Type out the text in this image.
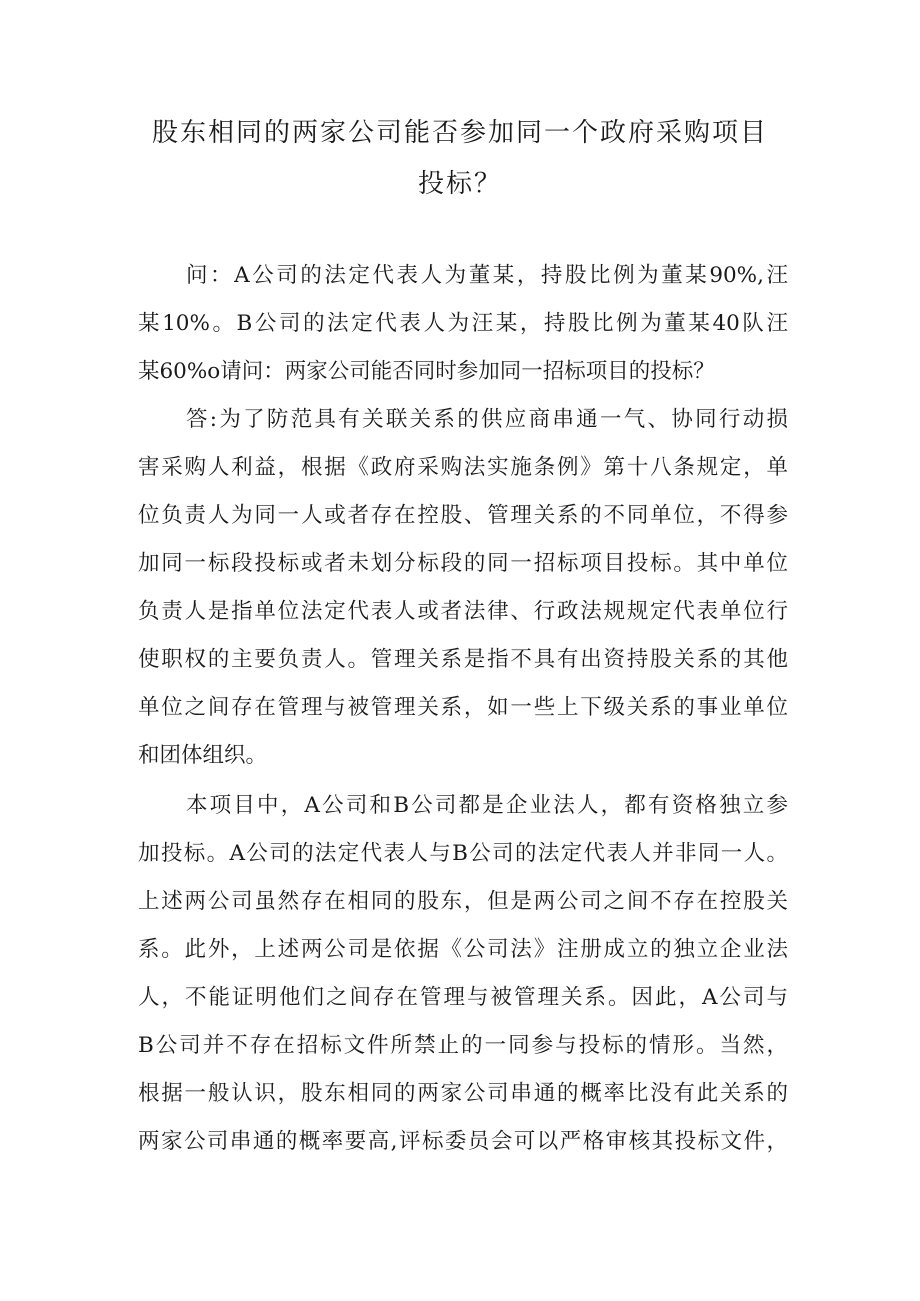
股东相同的两家公司能否参加同一个政府采购项目
投标？

问：A公司的法定代表人为董某，持股比例为董某90%,汪

某10%。B公司的法定代表人为汪某，持股比例为董某40队汪

某60%o请问：两家公司能否同时参加同一招标项目的投标？

答:为了防范具有关联关系的供应商串通一气、协同行动损

害采购人利益，根据《政府采购法实施条例》第十八条规定，单

位负责人为同一人或者存在控股、管理关系的不同单位，不得参

加同一标段投标或者未划分标段的同一招标项目投标。其中单位

负责人是指单位法定代表人或者法律、行政法规规定代表单位行

使职权的主要负责人。管理关系是指不具有出资持股关系的其他

单位之间存在管理与被管理关系，如一些上下级关系的事业单位

和团体组织。

本项目中，A公司和B公司都是企业法人，都有资格独立参

加投标。A公司的法定代表人与B公司的法定代表人并非同一人。

上述两公司虽然存在相同的股东，但是两公司之间不存在控股关

系。此外，上述两公司是依据《公司法》注册成立的独立企业法

人，不能证明他们之间存在管理与被管理关系。因此，A公司与

B公司并不存在招标文件所禁止的一同参与投标的情形。当然，

根据一般认识，股东相同的两家公司串通的概率比没有此关系的

两家公司串通的概率要高,评标委员会可以严格审核其投标文件，
